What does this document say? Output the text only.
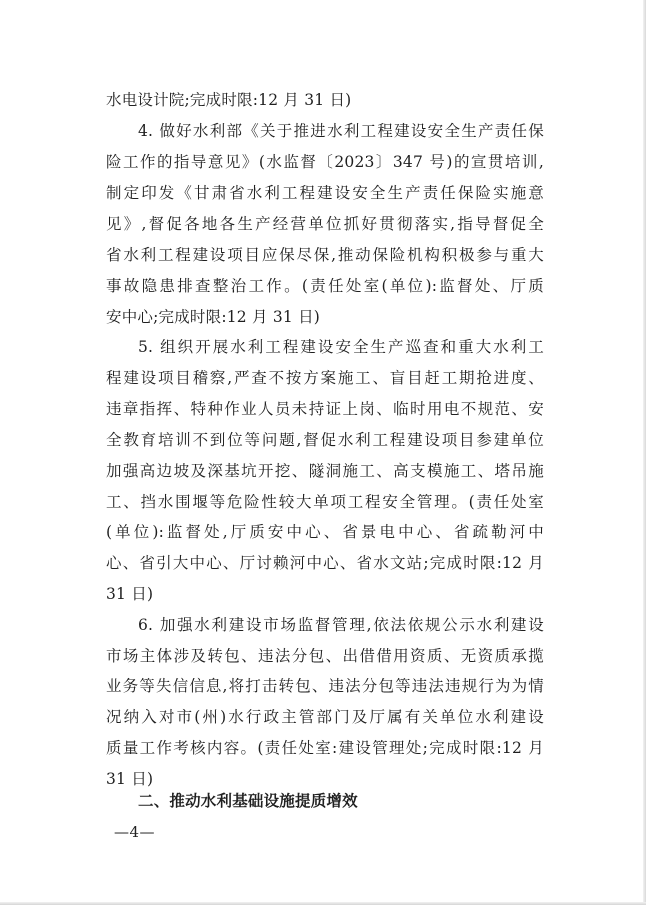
水电设计院;完成时限:12 月 31 日)

4. 做好水利部《关于推进水利工程建设安全生产责任保

险工作的指导意见》(水监督〔2023〕347 号)的宣贯培训,

制定印发《甘肃省水利工程建设安全生产责任保险实施意

见》,督促各地各生产经营单位抓好贯彻落实,指导督促全

省水利工程建设项目应保尽保,推动保险机构积极参与重大

事故隐患排查整治工作。(责任处室(单位):监督处、厅质

安中心;完成时限:12 月 31 日)

5. 组织开展水利工程建设安全生产巡查和重大水利工

程建设项目稽察,严查不按方案施工、盲目赶工期抢进度、

违章指挥、特种作业人员未持证上岗、临时用电不规范、安

全教育培训不到位等问题,督促水利工程建设项目参建单位

加强高边坡及深基坑开挖、隧洞施工、高支模施工、塔吊施

工、挡水围堰等危险性较大单项工程安全管理。(责任处室

(单位):监督处,厅质安中心、省景电中心、省疏勒河中

心、省引大中心、厅讨赖河中心、省水文站;完成时限:12 月

31 日)

6. 加强水利建设市场监督管理,依法依规公示水利建设

市场主体涉及转包、违法分包、出借借用资质、无资质承揽

业务等失信信息,将打击转包、违法分包等违法违规行为为情

况纳入对市(州)水行政主管部门及厅属有关单位水利建设

质量工作考核内容。(责任处室:建设管理处;完成时限:12 月

31 日)

二、推动水利基础设施提质增效

—4—
